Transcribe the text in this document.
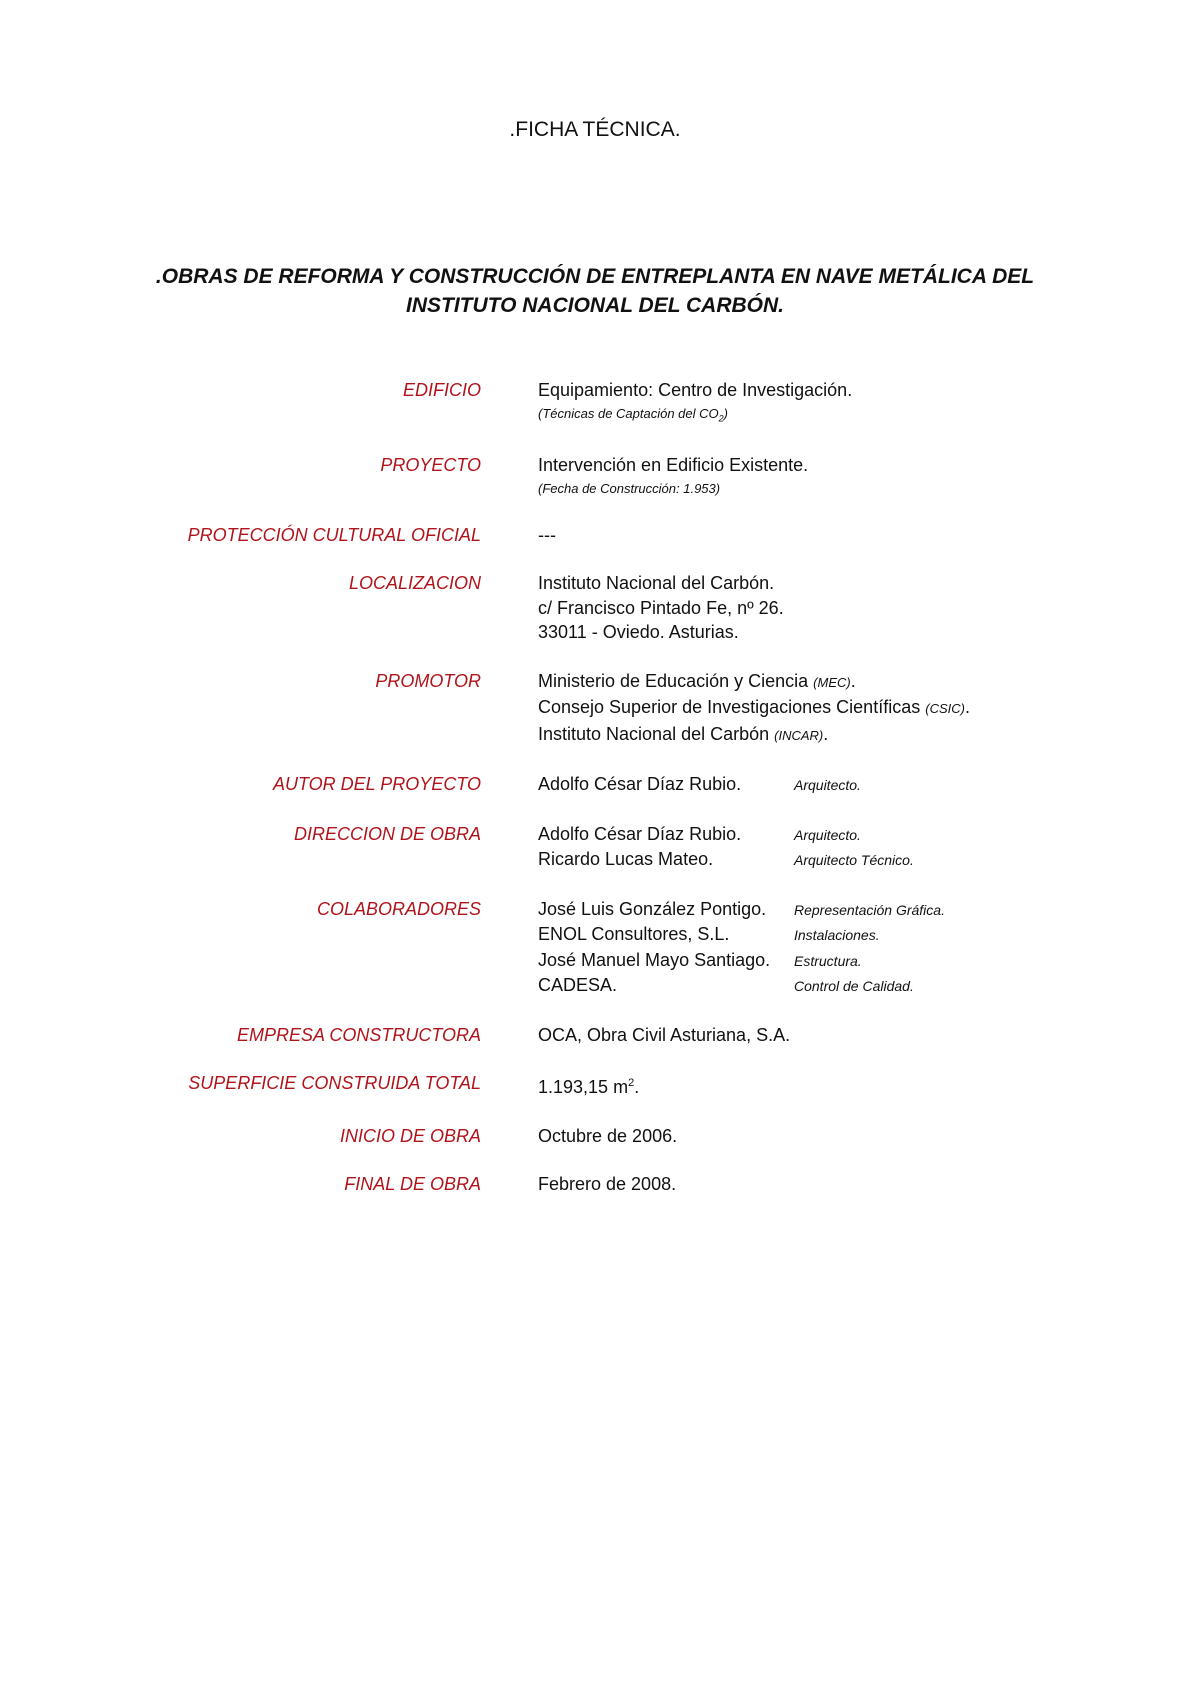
.FICHA TÉCNICA.
.OBRAS DE REFORMA Y CONSTRUCCIÓN DE ENTREPLANTA EN NAVE METÁLICA DEL INSTITUTO NACIONAL DEL CARBÓN.
EDIFICIO	Equipamiento: Centro de Investigación.
(Técnicas de Captación del $CO_2$)
PROYECTO	Intervención en Edificio Existente.
(Fecha de Construcción: 1.953)
PROTECCIÓN CULTURAL OFICIAL	---
LOCALIZACION	Instituto Nacional del Carbón.
c/ Francisco Pintado Fe, nº 26.
33011 - Oviedo. Asturias.
PROMOTOR	Ministerio de Educación y Ciencia
(MEC) .
Consejo Superior de Investigaciones Científicas
(CSIC) .
Instituto Nacional del Carbón
(INCAR) .
AUTOR DEL PROYECTO	Adolfo César Díaz Rubio.	Arquitecto.
DIRECCION DE OBRA	Adolfo César Díaz Rubio.	Arquitecto.
Ricardo Lucas Mateo.	Arquitecto Técnico.
COLABORADORES	José Luis González Pontigo.	Representación Gráfica.
ENOL Consultores, S.L.	Instalaciones.
José Manuel Mayo Santiago.	Estructura.
CADESA.	Control de Calidad.
EMPRESA CONSTRUCTORA	OCA, Obra Civil Asturiana, S.A.
SUPERFICIE CONSTRUIDA TOTAL	1.193,15 $m^2$.
INICIO DE OBRA	Octubre de 2006.
FINAL DE OBRA	Febrero de 2008.
